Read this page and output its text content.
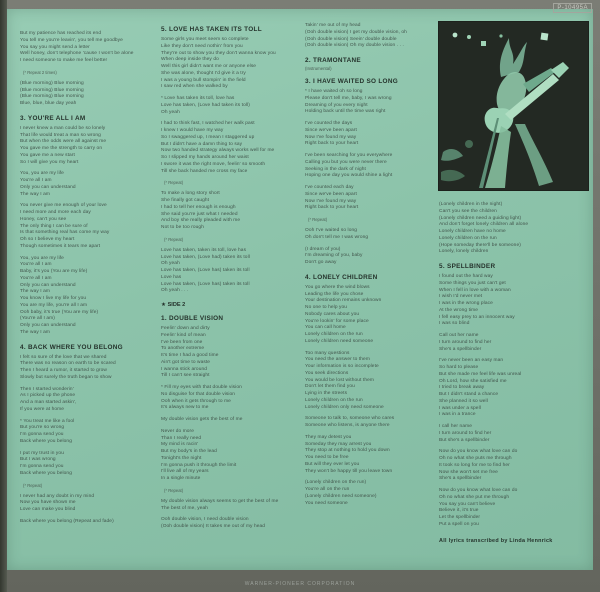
P-10495A
But my patience has reached its end
You tell me you're leavin', you tell me goodbye
You say you might send a letter
Well honey, don't telephone 'cause I won't be alone
I need someone to make me feel better
(* Repeat 2 times)
(Blue morning) Blue morning
(Blue morning) Blue morning
(Blue morning) Blue morning
Blue, blue, blue day yeah
3. YOU'RE ALL I AM
I never knew a man could be so lonely
That life would treat a man so wrong
But when the odds were all against me
You gave me the strength to carry on
You gave me a new start
So I will give you my heart
You, you are my life
You're all I am
Only you can understand
The way I am
You never give me enough of your love
I need more and more each day
Honey, can't you see
The only thing I can be sure of
Is that something real has come my way
Oh so I believe my heart
Though sometimes it tears me apart
You, you are my life
You're all I am
Baby, it's you (You are my life)
You're all I am
Only you can understand
The way I am
You know I live my life for you
You are my life, you're all I am
Ooh baby, it's true (You are my life)
(You're all I am)
Only you can understand
The way I am
4. BACK WHERE YOU BELONG
I felt so sure of the love that we shared
There was no reason on earth to be scared
Then I heard a rumor, it started to grow
Slowly but surely the truth began to show
Then I started wonderin'
As I picked up the phone
And a man started askin',
If you were at home
* You treat me like a fool
But you're so wrong
I'm gonna send you
Back where you belong
I put my trust in you
But I was wrong
I'm gonna send you
Back where you belong
(* Repeat)
I never had any doubt in my mind
Now you have shown me
Love can make you blind
Back where you belong (Repeat and fade)
5. LOVE HAS TAKEN ITS TOLL
Some girls you meet seem so complete
Like they don't need nothin' from you
They're out to show you they don't wanna know you
When deep inside they do
Well this girl didn't want me or anyone else
She was alone, thought I'd give it a try
I was a young bull stompin' in the field
I saw red when she walked by
* Love has taken its toll, love has
Love has taken, (Love had taken its toll)
Oh yeah
I had to think fast, I watched her walk past
I knew I would have my way
So I swaggered up, I mean I staggered up
But I didn't have a damn thing to say
Now two handed strategy always works well for me
So I slipped my hands around her waist
I swore it was the right move, feelin' so smooth
Till she back handed me cross my face
(* Repeat)
To make a long story short
She finally got caught
I had to tell her enough is enough
She said you're just what I needed
And boy she really pleaded with me
Not to be too rough
(* Repeat)
Love has taken, taken its toll, love has
Love has taken, (Love had) taken its toll
Oh yeah
Love has taken, (Love has) taken its toll
Love has
Love has taken, (Love has) taken its toll
Oh yeah . . .
★ SIDE 2
1. DOUBLE VISION
Feelin' down and dirty
Feelin' kind of mean
I've been from one
To another extreme
It's time I had a good time
Ain't got time to waste
I wanna stick around
Till I can't see straight
* Fill my eyes with that double vision
No disguise for that double vision
Ooh when it gets through to me
It's always new to me
My double vision gets the best of me
Never do more
Than I really need
My mind is racin'
But my body's in the lead
Tonight's the night
I'm gonna push it through the limit
I'll live all of my years
In a single minute
(* Repeat)
My double vision always seems to get the best of me
The best of me, yeah
Ooh double vision, I need double vision
(Ooh double vision) It takes me out of my head
Takin' me out of my head
(Ooh double vision) I get my double vision, oh
(Ooh double vision) Seein' double double
(Ooh double vision) Oh my double vision . . .
2. TRAMONTANE
(Instrumental)
3. I HAVE WAITED SO LONG
* I have waited oh so long
Please don't tell me, baby, I was wrong
Dreaming of you every night
Holding back until the time was right
I've counted the days
Since we've been apart
Now I've found my way
Right back to your heart
I've been searching for you everywhere
Calling you but you were never there
Seeking in the dark of night
Hoping one day you would shine a light
I've counted each day
Since we've been apart
Now I've found my way
Right back to your heart
(* Repeat)
Ooh I've waited so long
Oh don't tell me I was wrong
(I dream of you)
I'm dreaming of you, baby
Don't go away
4. LONELY CHILDREN
You go where the wind blows
Leading the life you chose
Your destination remains unknown
No one to help you
Nobody cares about you
You're lookin' for some place
You can call home
Lonely children on the run
Lonely children need someone
Too many questions
You need the answer to them
Your information is so incomplete
You seek directions
You would be lost without them
Don't let them find you
Lying in the streets
Lonely children on the run
Lonely children only need someone
Someone to talk to, someone who cares
Someone who listens, is anyone there
They may detest you
Someday they may arrest you
They stop at nothing to hold you down
You need to be free
But will they ever let you
They won't be happy till you leave town
(Lonely children on the run)
You're all on the run
(Lonely children need someone)
You need someone
(Lonely children in the night)
Can't you see the children
(Lonely children need a guiding light)
And don't forget lonely children all alone
Lonely children have no home
Lonely children on the run
(Hope someday there'll be someone)
Lonely, lonely children
5. SPELLBINDER
I found out the hard way
Some things you just can't get
When I fell in love with a woman
I wish I'd never met
I was in the wrong place
At the wrong time
I fell easy prey to an innocent way
I was so blind
Call out her name
I turn around to find her
She's a spellbinder
I've never been an easy man
So hard to please
But she made me feel life was unreal
Oh Lord, how she satisfied me
I tried to break away
But I didn't stand a chance
She planned it so well
I was under a spell
I was in a trance
I call her name
I turn around to find her
But she's a spellbinder
Now do you know what love can do
Oh no what she puts me through
It took so long for me to find her
Now she won't set me free
She's a spellbinder
Now do you know what love can do
Oh no what she put me through
You say you can't believe
Believe it, it's true
Let the spellbinder
Put a spell on you
All lyrics transcribed by Linda Hennrick
WARNER-PIONEER CORPORATION
